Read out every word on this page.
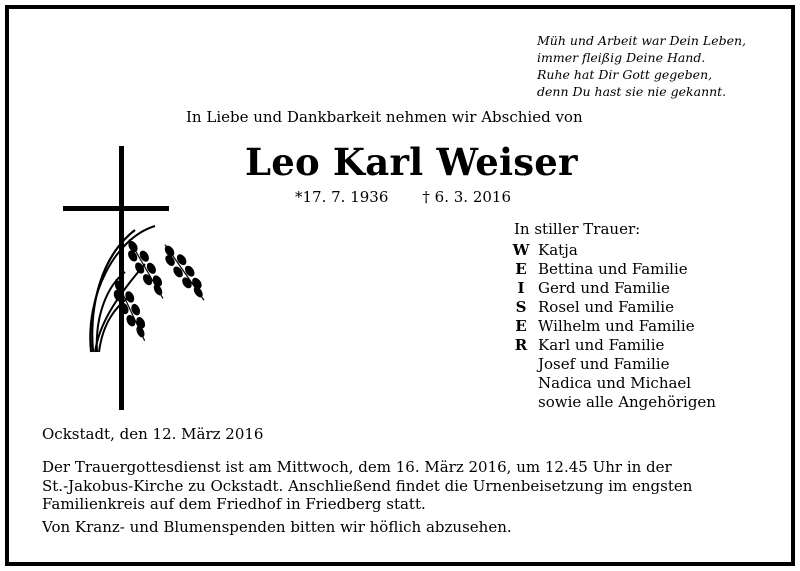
Müh und Arbeit war Dein Leben,
immer fleißig Deine Hand.
Ruhe hat Dir Gott gegeben,
denn Du hast sie nie gekannt.
In Liebe und Dankbarkeit nehmen wir Abschied von
Leo Karl Weiser
*17. 7. 1936 † 6. 3. 2016
In stiller Trauer:
W
E
I
S
E
R
Katja
Bettina und Familie
Gerd und Familie
Rosel und Familie
Wilhelm und Familie
Karl und Familie
Josef und Familie
Nadica und Michael
sowie alle Angehörigen
Ockstadt, den 12. März 2016
Der Trauergottesdienst ist am Mittwoch, dem 16. März 2016, um 12.45 Uhr in der
St.-Jakobus-Kirche zu Ockstadt. Anschließend findet die Urnenbeisetzung im engsten
Familienkreis auf dem Friedhof in Friedberg statt.
Von Kranz- und Blumenspenden bitten wir höflich abzusehen.
